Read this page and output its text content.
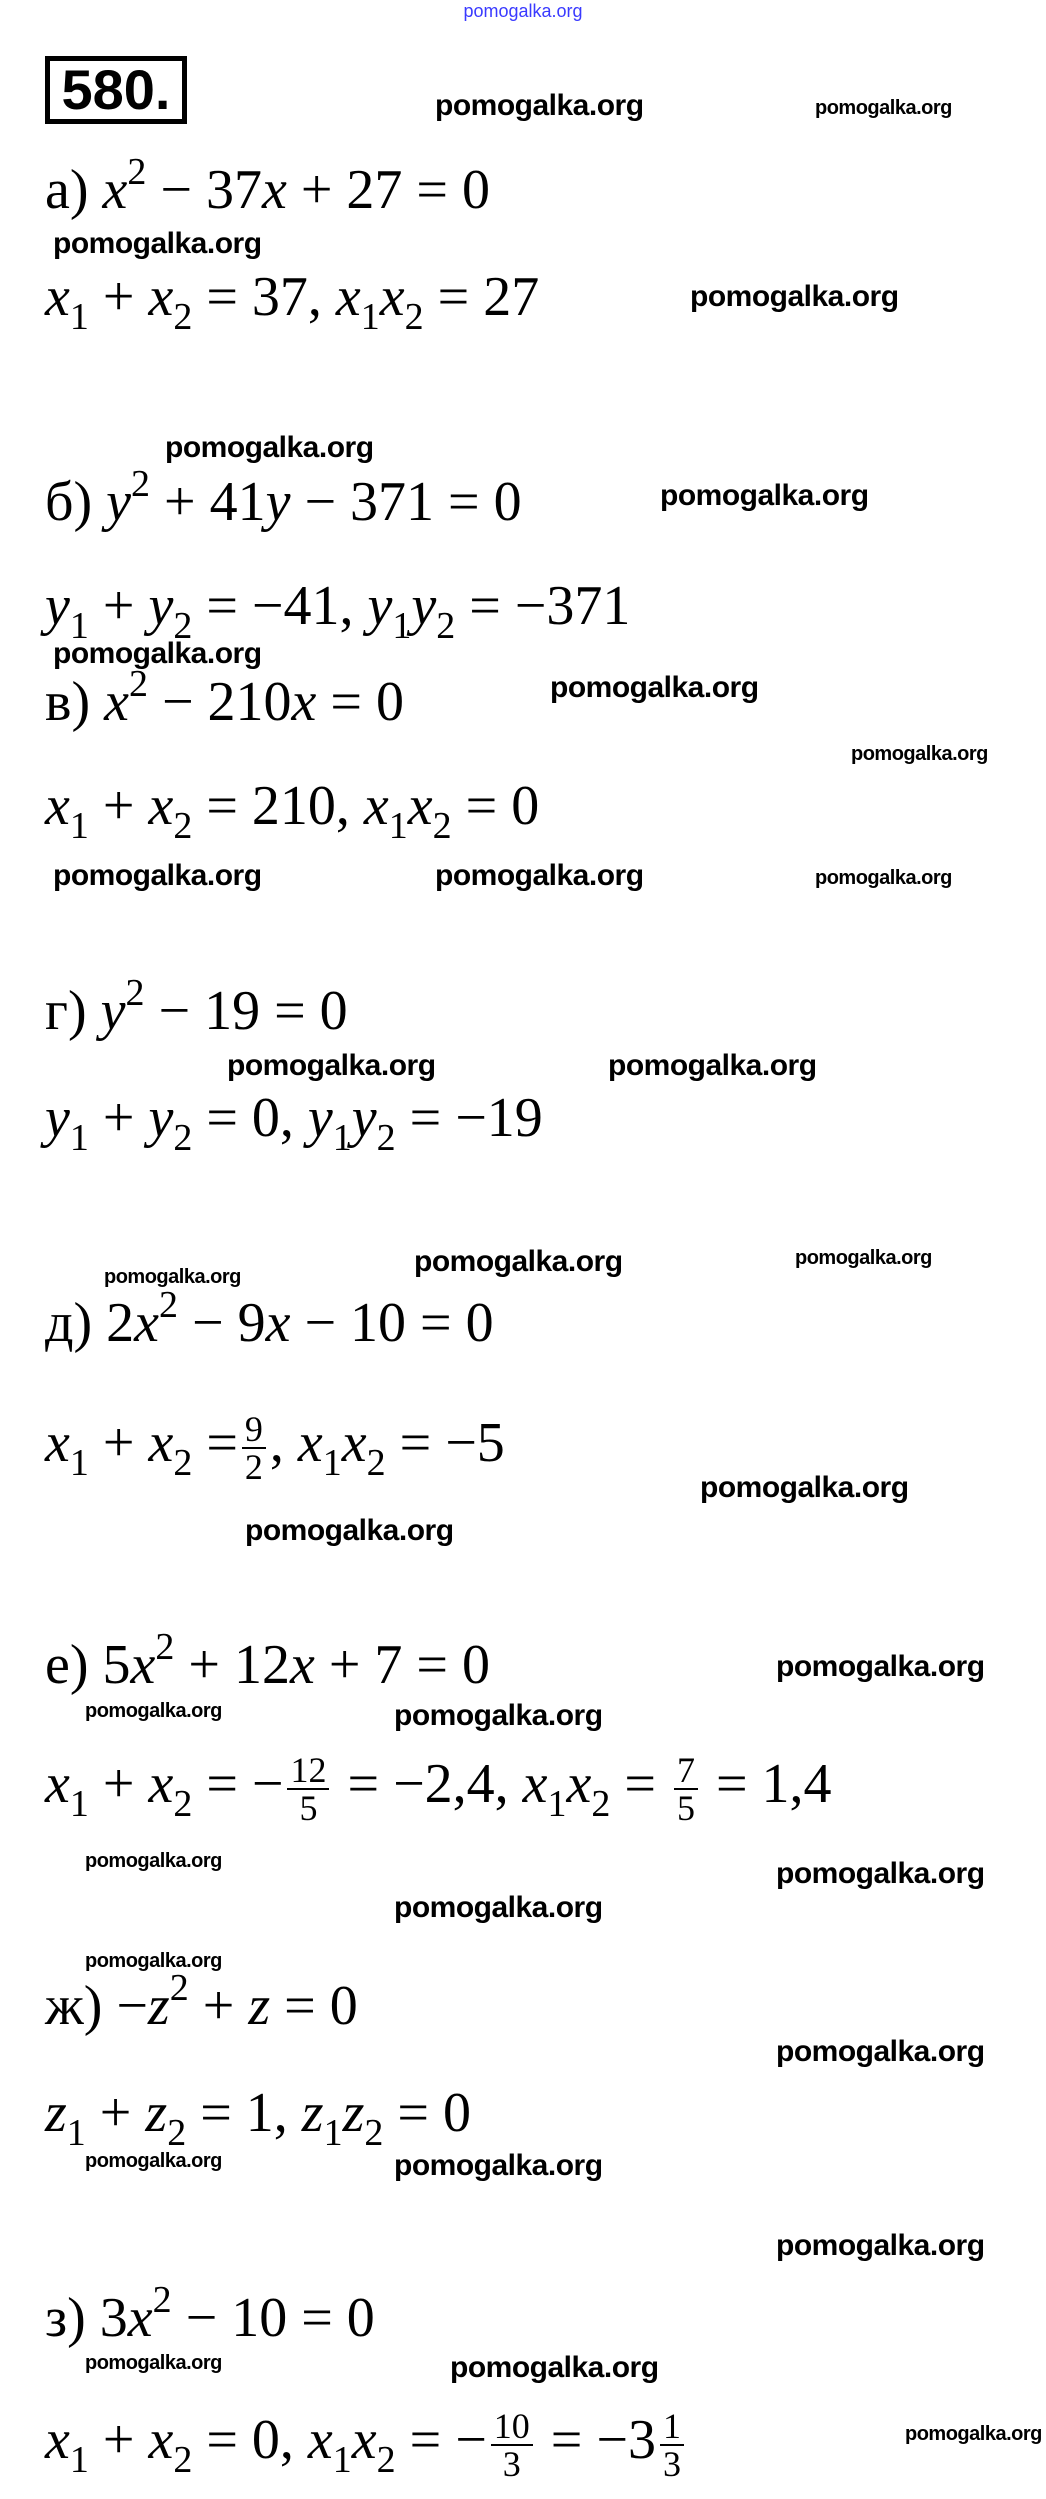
pomogalka.org
580.	pomogalka.org	pomogalka.org
pomogalka.org
pomogalka.org
pomogalka.org
pomogalka.org
pomogalka.org
pomogalka.org
pomogalka.org
pomogalka.org	pomogalka.org	pomogalka.org
pomogalka.org	pomogalka.org
pomogalka.org	pomogalka.org	pomogalka.org
pomogalka.org
pomogalka.org
pomogalka.org
pomogalka.org	pomogalka.org
pomogalka.org	pomogalka.org
pomogalka.org
pomogalka.org
pomogalka.org
pomogalka.org	pomogalka.org
pomogalka.org
pomogalka.org	pomogalka.org
pomogalka.org
а) $x^2 - 37x + 27 = 0$
$x_1 + x_2 = 37$, $x_1x_2 = 27$
б) $y^2 + 41y - 371 = 0$
$y_1 + y_2 = -41$, $y_1y_2 = -371$
в) $x^2 - 210x = 0$
$x_1 + x_2 = 210$, $x_1x_2 = 0$
г) $y^2 - 19 = 0$
$y_1 + y_2 = 0$, $y_1y_2 = -19$
д) $2x^2 - 9x - 10 = 0$
$x_1 + x_2 = \frac{9}{2}$ , $x_1x_2 = -5$
е) $5x^2 + 12x + 7 = 0$
$x_1 + x_2$ = − $\frac{12}{5} = -2,4$, $x_1x_2 = \frac{7}{5} = 1,4$
$ж) -z^2 + z = 0$
$z_1 + z_2 = 1$, $z_1z_2 = 0$
з) $3x^2 - 10 = 0$
$x_1 + x_2 = 0$, $x_1x_2$ = − $\frac{10}{3} = -3 \frac{1}{3}$
